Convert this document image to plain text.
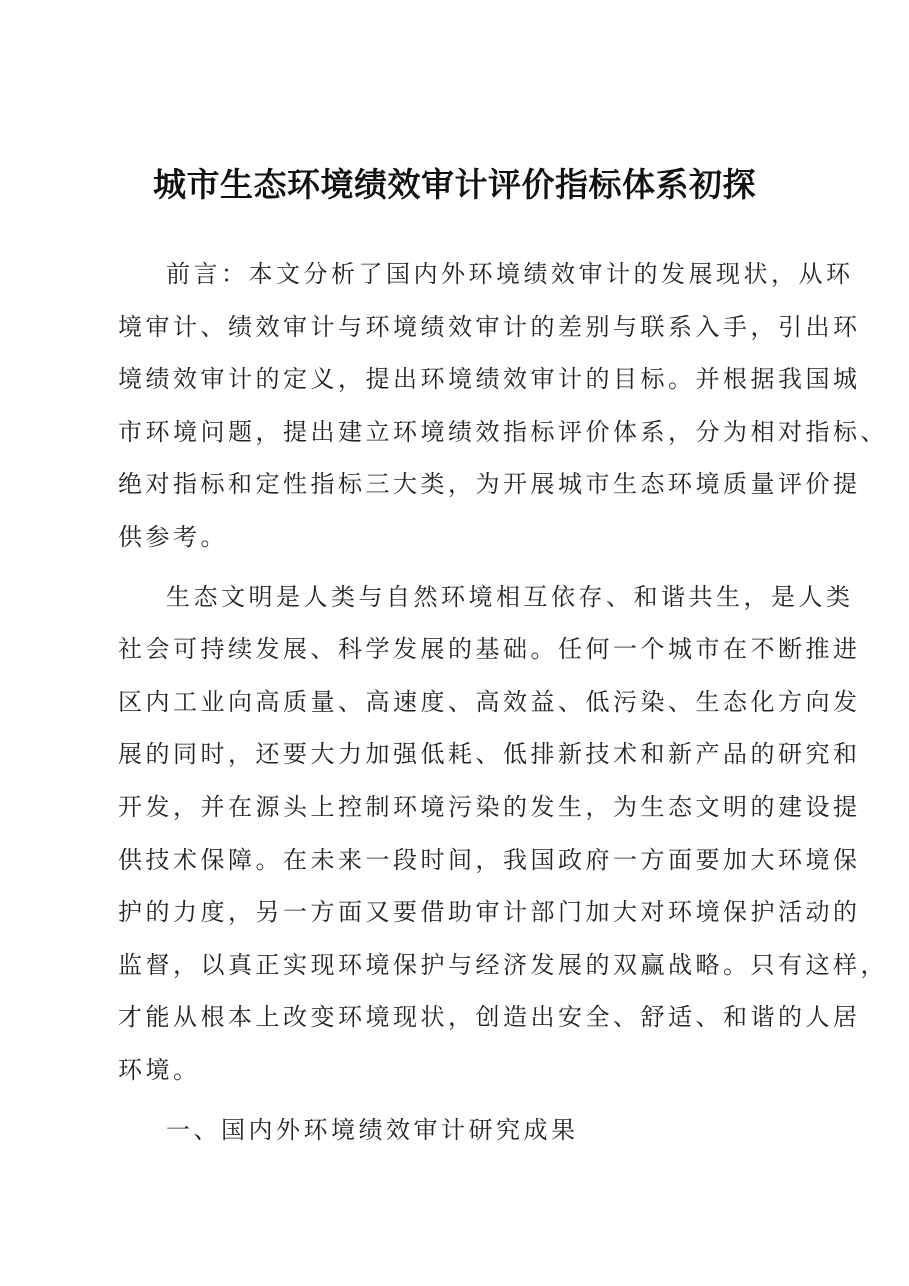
城市生态环境绩效审计评价指标体系初探

前言：本文分析了国内外环境绩效审计的发展现状，从环
境审计、绩效审计与环境绩效审计的差别与联系入手，引出环
境绩效审计的定义，提出环境绩效审计的目标。并根据我国城
市环境问题，提出建立环境绩效指标评价体系，分为相对指标、
绝对指标和定性指标三大类，为开展城市生态环境质量评价提
供参考。

生态文明是人类与自然环境相互依存、和谐共生，是人类
社会可持续发展、科学发展的基础。任何一个城市在不断推进
区内工业向高质量、高速度、高效益、低污染、生态化方向发
展的同时，还要大力加强低耗、低排新技术和新产品的研究和
开发，并在源头上控制环境污染的发生，为生态文明的建设提
供技术保障。在未来一段时间，我国政府一方面要加大环境保
护的力度，另一方面又要借助审计部门加大对环境保护活动的
监督，以真正实现环境保护与经济发展的双赢战略。只有这样，
才能从根本上改变环境现状，创造出安全、舒适、和谐的人居
环境。

一、国内外环境绩效审计研究成果
